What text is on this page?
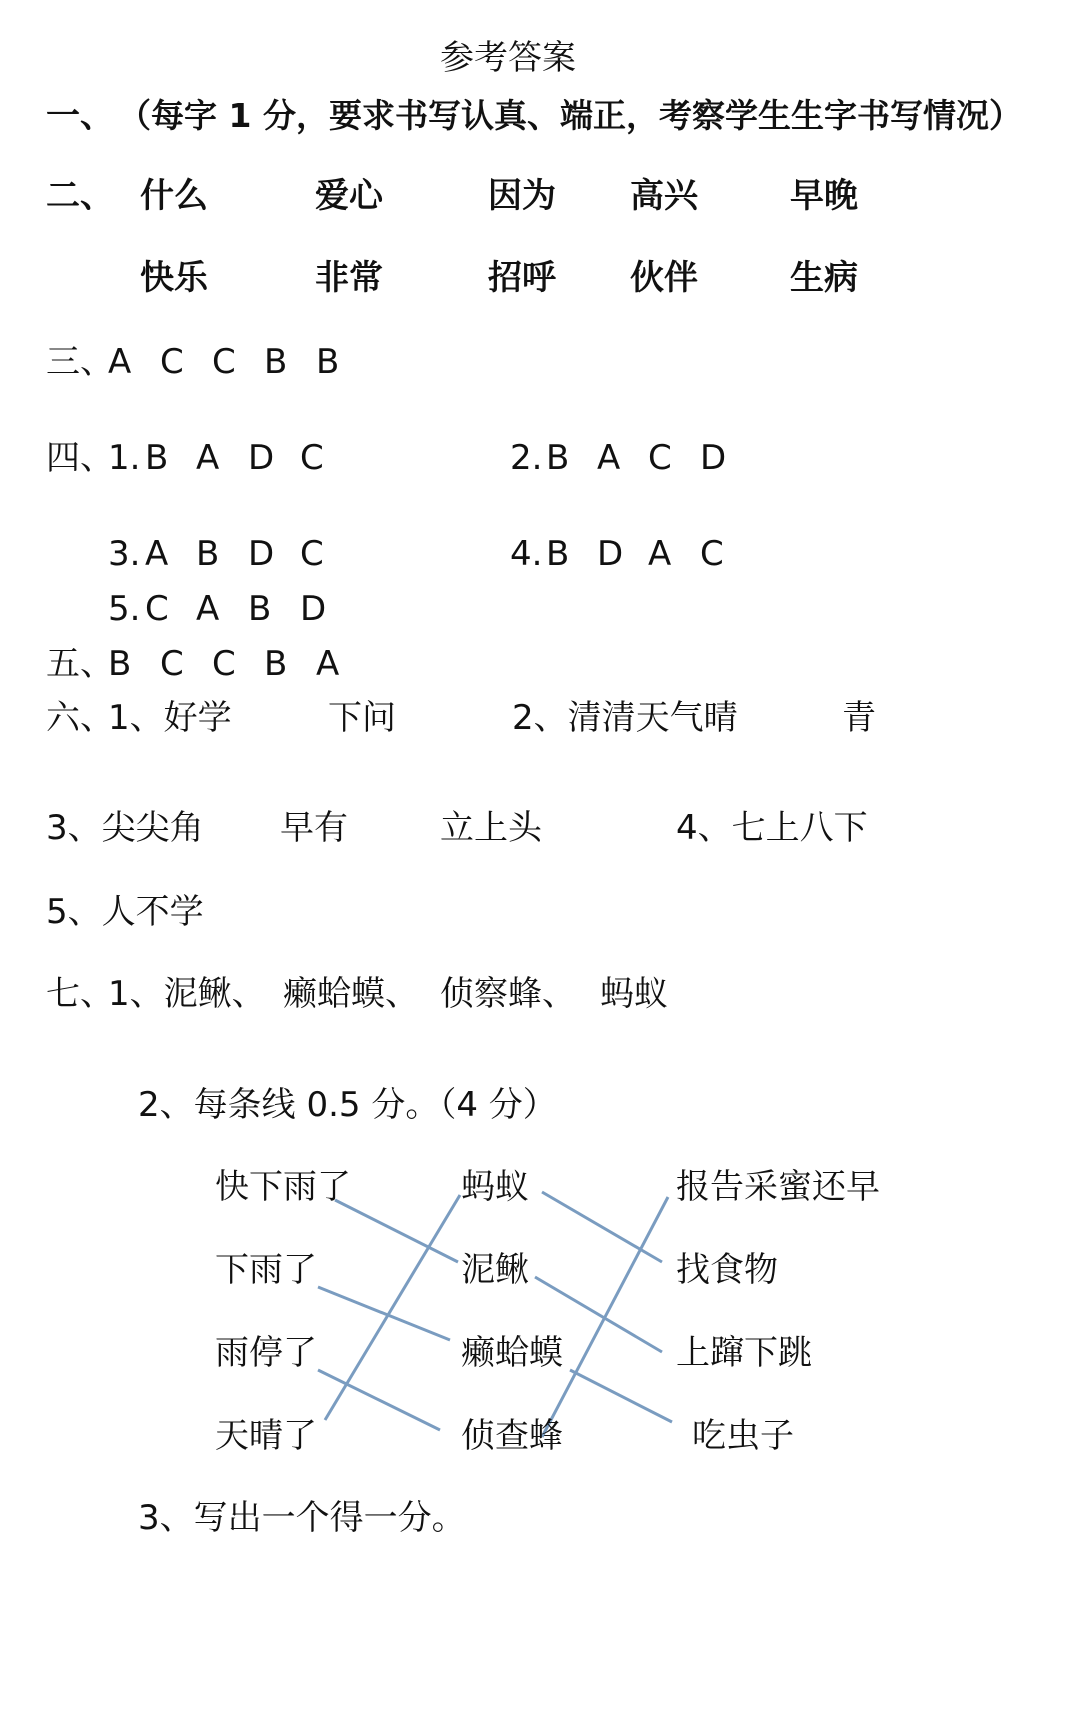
参考答案
一、 （每字 1 分，要求书写认真、端正，考察学生生字书写情况）
二、 什么	爱心	因为 高兴	早晚
快乐	非常	招呼 伙伴	生病
三、
A C C B B
四、
1. B A D C	2. B A C D
3. A B D C	4. B D A C
5. C A B D
五、
B C C B A
六、
1、好学	下问	2、清清天气晴	青
3、尖尖角 早有	立上头	4、七上八下
5、人不学
七、
1、泥鳅、 癞蛤蟆、 侦察蜂、 蚂蚁
2、每条线 0.5 分。（4 分）
快下雨了
下雨了
雨停了
天晴了
蚂蚁
泥鳅
癞蛤蟆
侦查蜂
报告采蜜还早
找食物
上蹿下跳
吃虫子
3、写出一个得一分。
